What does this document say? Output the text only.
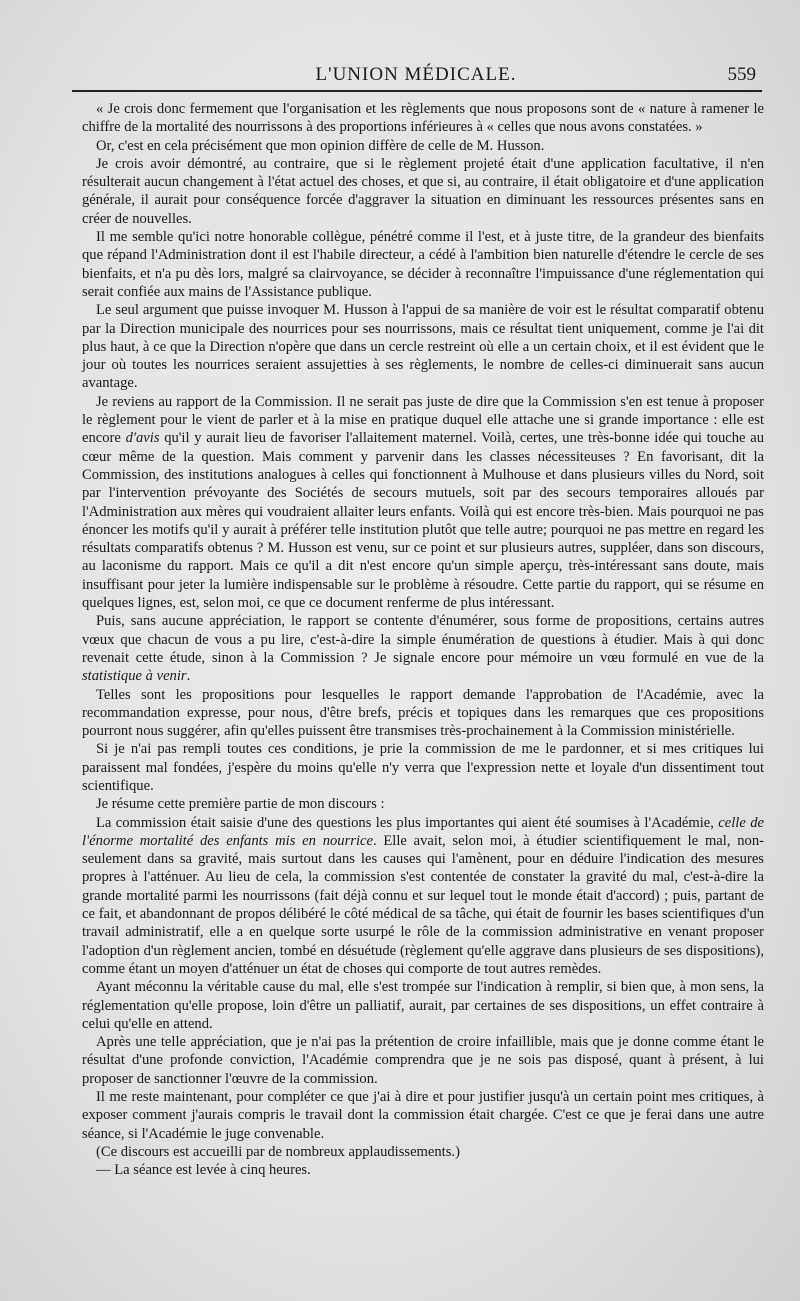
L'UNION MÉDICALE.	559

« Je crois donc fermement que l'organisation et les règlements que nous proposons sont de « nature à ramener le chiffre de la mortalité des nourrissons à des proportions inférieures à « celles que nous avons constatées. »

Or, c'est en cela précisément que mon opinion diffère de celle de M. Husson.

Je crois avoir démontré, au contraire, que si le règlement projeté était d'une application facultative, il n'en résulterait aucun changement à l'état actuel des choses, et que si, au contraire, il était obligatoire et d'une application générale, il aurait pour conséquence forcée d'aggraver la situation en diminuant les ressources présentes sans en créer de nouvelles.

Il me semble qu'ici notre honorable collègue, pénétré comme il l'est, et à juste titre, de la grandeur des bienfaits que répand l'Administration dont il est l'habile directeur, a cédé à l'ambition bien naturelle d'étendre le cercle de ses bienfaits, et n'a pu dès lors, malgré sa clairvoyance, se décider à reconnaître l'impuissance d'une réglementation qui serait confiée aux mains de l'Assistance publique.

Le seul argument que puisse invoquer M. Husson à l'appui de sa manière de voir est le résultat comparatif obtenu par la Direction municipale des nourrices pour ses nourrissons, mais ce résultat tient uniquement, comme je l'ai dit plus haut, à ce que la Direction n'opère que dans un cercle restreint où elle a un certain choix, et il est évident que le jour où toutes les nourrices seraient assujetties à ses règlements, le nombre de celles-ci diminuerait sans aucun avantage.

Je reviens au rapport de la Commission. Il ne serait pas juste de dire que la Commission s'en est tenue à proposer le règlement pour le vient de parler et à la mise en pratique duquel elle attache une si grande importance : elle est encore d'avis qu'il y aurait lieu de favoriser l'allaitement maternel. Voilà, certes, une très-bonne idée qui touche au cœur même de la question. Mais comment y parvenir dans les classes nécessiteuses ? En favorisant, dit la Commission, des institutions analogues à celles qui fonctionnent à Mulhouse et dans plusieurs villes du Nord, soit par l'intervention prévoyante des Sociétés de secours mutuels, soit par des secours temporaires alloués par l'Administration aux mères qui voudraient allaiter leurs enfants. Voilà qui est encore très-bien. Mais pourquoi ne pas énoncer les motifs qu'il y aurait à préférer telle institution plutôt que telle autre; pourquoi ne pas mettre en regard les résultats comparatifs obtenus ? M. Husson est venu, sur ce point et sur plusieurs autres, suppléer, dans son discours, au laconisme du rapport. Mais ce qu'il a dit n'est encore qu'un simple aperçu, très-intéressant sans doute, mais insuffisant pour jeter la lumière indispensable sur le problème à résoudre. Cette partie du rapport, qui se résume en quelques lignes, est, selon moi, ce que ce document renferme de plus intéressant.

Puis, sans aucune appréciation, le rapport se contente d'énumérer, sous forme de propositions, certains autres vœux que chacun de vous a pu lire, c'est-à-dire la simple énumération de questions à étudier. Mais à qui donc revenait cette étude, sinon à la Commission ? Je signale encore pour mémoire un vœu formulé en vue de la statistique à venir.

Telles sont les propositions pour lesquelles le rapport demande l'approbation de l'Académie, avec la recommandation expresse, pour nous, d'être brefs, précis et topiques dans les remarques que ces propositions pourront nous suggérer, afin qu'elles puissent être transmises très-prochainement à la Commission ministérielle.

Si je n'ai pas rempli toutes ces conditions, je prie la commission de me le pardonner, et si mes critiques lui paraissent mal fondées, j'espère du moins qu'elle n'y verra que l'expression nette et loyale d'un dissentiment tout scientifique.

Je résume cette première partie de mon discours :

La commission était saisie d'une des questions les plus importantes qui aient été soumises à l'Académie, celle de l'énorme mortalité des enfants mis en nourrice. Elle avait, selon moi, à étudier scientifiquement le mal, non-seulement dans sa gravité, mais surtout dans les causes qui l'amènent, pour en déduire l'indication des mesures propres à l'atténuer. Au lieu de cela, la commission s'est contentée de constater la gravité du mal, c'est-à-dire la grande mortalité parmi les nourrissons (fait déjà connu et sur lequel tout le monde était d'accord) ; puis, partant de ce fait, et abandonnant de propos délibéré le côté médical de sa tâche, qui était de fournir les bases scientifiques d'un travail administratif, elle a en quelque sorte usurpé le rôle de la commission administrative en venant proposer l'adoption d'un règlement ancien, tombé en désuétude (règlement qu'elle aggrave dans plusieurs de ses dispositions), comme étant un moyen d'atténuer un état de choses qui comporte de tout autres remèdes.

Ayant méconnu la véritable cause du mal, elle s'est trompée sur l'indication à remplir, si bien que, à mon sens, la réglementation qu'elle propose, loin d'être un palliatif, aurait, par certaines de ses dispositions, un effet contraire à celui qu'elle en attend.

Après une telle appréciation, que je n'ai pas la prétention de croire infaillible, mais que je donne comme étant le résultat d'une profonde conviction, l'Académie comprendra que je ne sois pas disposé, quant à présent, à lui proposer de sanctionner l'œuvre de la commission.

Il me reste maintenant, pour compléter ce que j'ai à dire et pour justifier jusqu'à un certain point mes critiques, à exposer comment j'aurais compris le travail dont la commission était chargée. C'est ce que je ferai dans une autre séance, si l'Académie le juge convenable.

(Ce discours est accueilli par de nombreux applaudissements.)

— La séance est levée à cinq heures.
